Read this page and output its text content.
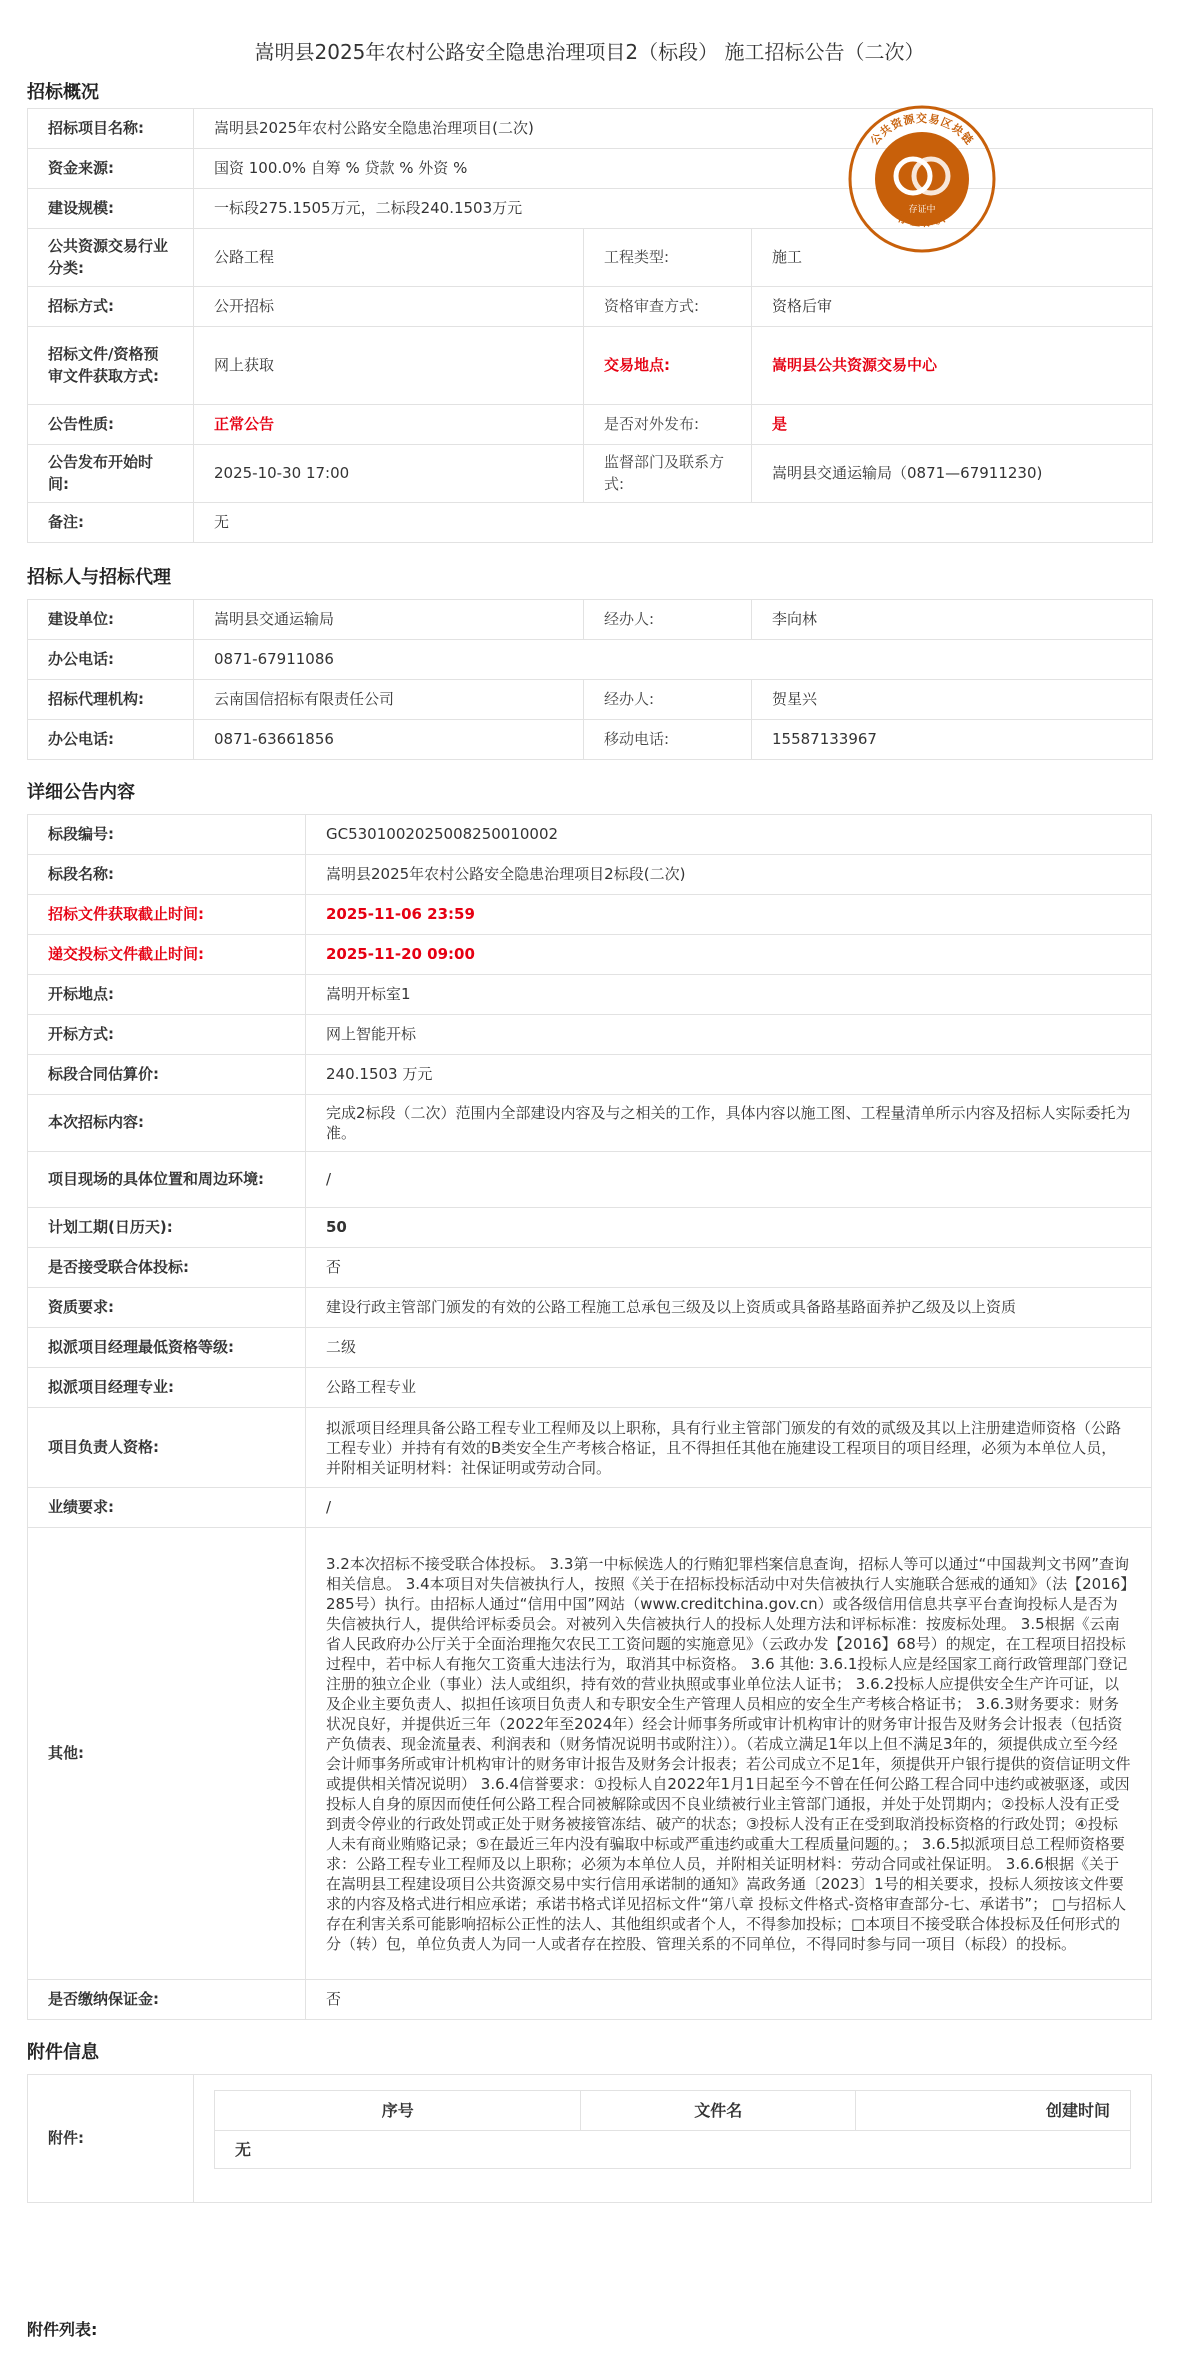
嵩明县2025年农村公路安全隐患治理项目2（标段） 施工招标公告（二次）
公共资源交易区块链
存证标识
存证中
招标概况
招标项目名称:	嵩明县2025年农村公路安全隐患治理项目(二次)		
资金来源:	国资 100.0% 自筹 % 贷款 % 外资 %		
建设规模:	一标段275.1505万元，二标段240.1503万元		
公共资源交易行业分类:	公路工程	工程类型:	施工
招标方式:	公开招标	资格审查方式:	资格后审
招标文件/资格预审文件获取方式:	网上获取	交易地点:	嵩明县公共资源交易中心
公告性质:	正常公告	是否对外发布:	是
公告发布开始时间:	2025-10-30 17:00	监督部门及联系方式:	嵩明县交通运输局（0871—67911230)
备注:	无		
招标人与招标代理
建设单位:	嵩明县交通运输局	经办人:	李向林
办公电话:	0871-67911086		
招标代理机构:	云南国信招标有限责任公司	经办人:	贺星兴
办公电话:	0871-63661856	移动电话:	15587133967
详细公告内容
标段编号:	GC5301002025008250010002
标段名称:	嵩明县2025年农村公路安全隐患治理项目2标段(二次)
招标文件获取截止时间:	2025-11-06 23:59
递交投标文件截止时间:	2025-11-20 09:00
开标地点:	嵩明开标室1
开标方式:	网上智能开标
标段合同估算价:	240.1503 万元
本次招标内容:	完成2标段（二次）范围内全部建设内容及与之相关的工作，具体内容以施工图、工程量清单所示内容及招标人实际委托为准。
项目现场的具体位置和周边环境:	/
计划工期(日历天):	50
是否接受联合体投标:	否
资质要求:	建设行政主管部门颁发的有效的公路工程施工总承包三级及以上资质或具备路基路面养护乙级及以上资质
拟派项目经理最低资格等级:	二级
拟派项目经理专业:	公路工程专业
项目负责人资格:	拟派项目经理具备公路工程专业工程师及以上职称，具有行业主管部门颁发的有效的贰级及其以上注册建造师资格（公路工程专业）并持有有效的B类安全生产考核合格证，且不得担任其他在施建设工程项目的项目经理，必须为本单位人员，并附相关证明材料：社保证明或劳动合同。
业绩要求:	/
其他:	3.2本次招标不接受联合体投标。 3.3第一中标候选人的行贿犯罪档案信息查询，招标人等可以通过“中国裁判文书网”查询相关信息。 3.4本项目对失信被执行人，按照《关于在招标投标活动中对失信被执行人实施联合惩戒的通知》（法【2016】285号）执行。由招标人通过“信用中国”网站（www.creditchina.gov.cn）或各级信用信息共享平台查询投标人是否为失信被执行人，提供给评标委员会。对被列入失信被执行人的投标人处理方法和评标标准：按废标处理。 3.5根据《云南省人民政府办公厅关于全面治理拖欠农民工工资问题的实施意见》（云政办发【2016】68号）的规定，在工程项目招投标过程中，若中标人有拖欠工资重大违法行为，取消其中标资格。 3.6 其他: 3.6.1投标人应是经国家工商行政管理部门登记注册的独立企业（事业）法人或组织，持有效的营业执照或事业单位法人证书； 3.6.2投标人应提供安全生产许可证，以及企业主要负责人、拟担任该项目负责人和专职安全生产管理人员相应的安全生产考核合格证书； 3.6.3财务要求：财务状况良好，并提供近三年（2022年至2024年）经会计师事务所或审计机构审计的财务审计报告及财务会计报表（包括资产负债表、现金流量表、利润表和（财务情况说明书或附注））。（若成立满足1年以上但不满足3年的，须提供成立至今经会计师事务所或审计机构审计的财务审计报告及财务会计报表；若公司成立不足1年，须提供开户银行提供的资信证明文件或提供相关情况说明） 3.6.4信誉要求：①投标人自2022年1月1日起至今不曾在任何公路工程合同中违约或被驱逐，或因投标人自身的原因而使任何公路工程合同被解除或因不良业绩被行业主管部门通报，并处于处罚期内；②投标人没有正受到责令停业的行政处罚或正处于财务被接管冻结、破产的状态；③投标人没有正在受到取消投标资格的行政处罚；④投标人未有商业贿赂记录；⑤在最近三年内没有骗取中标或严重违约或重大工程质量问题的。； 3.6.5拟派项目总工程师资格要求：公路工程专业工程师及以上职称；必须为本单位人员，并附相关证明材料：劳动合同或社保证明。 3.6.6根据《关于在嵩明县工程建设项目公共资源交易中实行信用承诺制的通知》嵩政务通〔2023〕1号的相关要求，投标人须按该文件要求的内容及格式进行相应承诺；承诺书格式详见招标文件“第八章 投标文件格式-资格审查部分-七、承诺书”； □与招标人存在利害关系可能影响招标公正性的法人、其他组织或者个人，不得参加投标；□本项目不接受联合体投标及任何形式的分（转）包，单位负责人为同一人或者存在控股、管理关系的不同单位，不得同时参与同一项目（标段）的投标。
是否缴纳保证金:	否
附件信息
附件:	
序号	文件名	创建时间
无
附件列表:
